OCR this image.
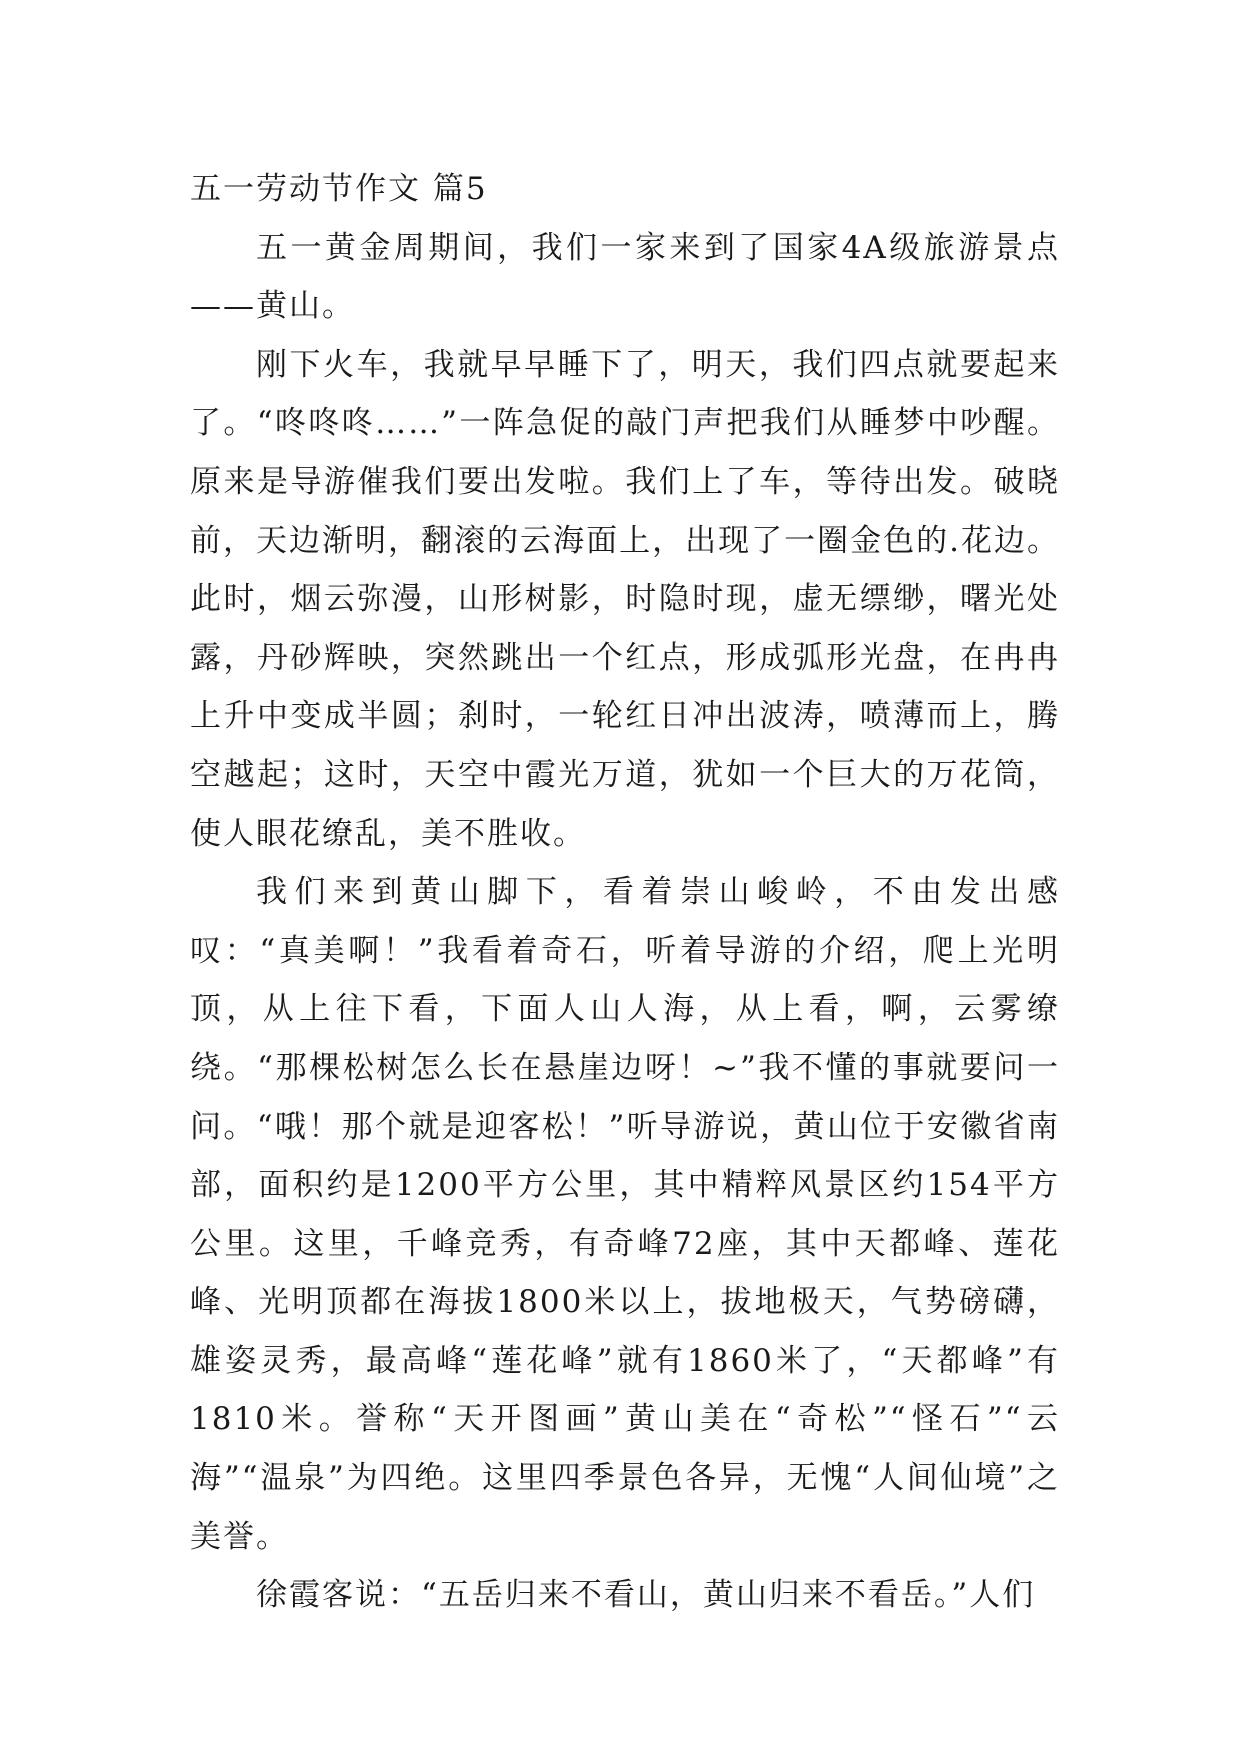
五一劳动节作文 篇5

五一黄金周期间，我们一家来到了国家4A级旅游景点——黄山。

刚下火车，我就早早睡下了，明天，我们四点就要起来了。“咚咚咚……”一阵急促的敲门声把我们从睡梦中吵醒。原来是导游催我们要出发啦。我们上了车，等待出发。破晓前，天边渐明，翻滚的云海面上，出现了一圈金色的.花边。此时，烟云弥漫，山形树影，时隐时现，虚无缥缈，曙光处露，丹砂辉映，突然跳出一个红点，形成弧形光盘，在冉冉上升中变成半圆；刹时，一轮红日冲出波涛，喷薄而上，腾空越起；这时，天空中霞光万道，犹如一个巨大的万花筒，使人眼花缭乱，美不胜收。

我们来到黄山脚下，看着崇山峻岭，不由发出感叹：“真美啊！”我看着奇石，听着导游的介绍，爬上光明顶，从上往下看，下面人山人海，从上看，啊，云雾缭绕。“那棵松树怎么长在悬崖边呀！~”我不懂的事就要问一问。“哦！那个就是迎客松！”听导游说，黄山位于安徽省南部，面积约是1200平方公里，其中精粹风景区约154平方公里。这里，千峰竞秀，有奇峰72座，其中天都峰、莲花峰、光明顶都在海拔1800米以上，拔地极天，气势磅礴，雄姿灵秀，最高峰“莲花峰”就有1860米了，“天都峰”有1810米。誉称“天开图画”黄山美在“奇松”“怪石”“云海”“温泉”为四绝。这里四季景色各异，无愧“人间仙境”之美誉。

徐霞客说：“五岳归来不看山，黄山归来不看岳。”人们
